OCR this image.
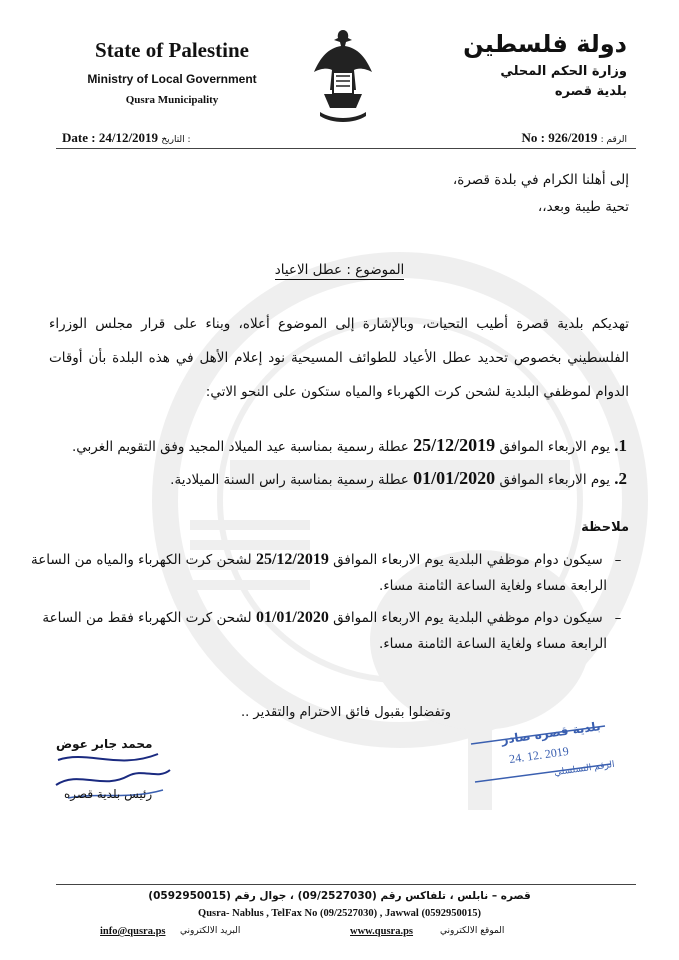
State of Palestine
Ministry of Local Government
Qusra Municipality
دولة فلسطين
وزارة الحكم المحلي
بلدية قصره
Date : 24/12/2019 التاريخ :	No : 926/2019 الرقم :
إلى أهلنا الكرام في بلدة قصرة،
تحية طيبة وبعد،،
الموضوع : عطل الاعياد
تهديكم بلدية قصرة أطيب التحيات، وبالإشارة إلى الموضوع أعلاه، وبناء على قرار مجلس الوزراء
الفلسطيني بخصوص تحديد عطل الأعياد للطوائف المسيحية نود إعلام الأهل في هذه البلدة بأن أوقات
الدوام لموظفي البلدية لشحن كرت الكهرباء والمياه ستكون على النحو الاتي:
1. يوم الاربعاء الموافق 25/12/2019 عطلة رسمية بمناسبة عيد الميلاد المجيد وفق التقويم الغربي.
2. يوم الاربعاء الموافق 01/01/2020 عطلة رسمية بمناسبة راس السنة الميلادية.
ملاحظة
– سيكون دوام موظفي البلدية يوم الاربعاء الموافق 25/12/2019 لشحن كرت الكهرباء والمياه من الساعة
الرابعة مساء ولغاية الساعة الثامنة مساء.
– سيكون دوام موظفي البلدية يوم الاربعاء الموافق 01/01/2020 لشحن كرت الكهرباء فقط من الساعة
الرابعة مساء ولغاية الساعة الثامنة مساء.
وتفضلوا بقبول فائق الاحترام والتقدير ..
محمد جابر عوض
رئيس بلدية قصره
بلدية قصره صادر
24. 12. 2019
الرقم التسلسلي
قصره – نابلس ، تلفاكس رقم (09/2527030) ، جوال رقم (0592950015)
Qusra- Nablus , TelFax No (09/2527030) , Jawwal (0592950015)
info@qusra.ps البريد الالكتروني	www.qusra.ps	الموقع الالكتروني
